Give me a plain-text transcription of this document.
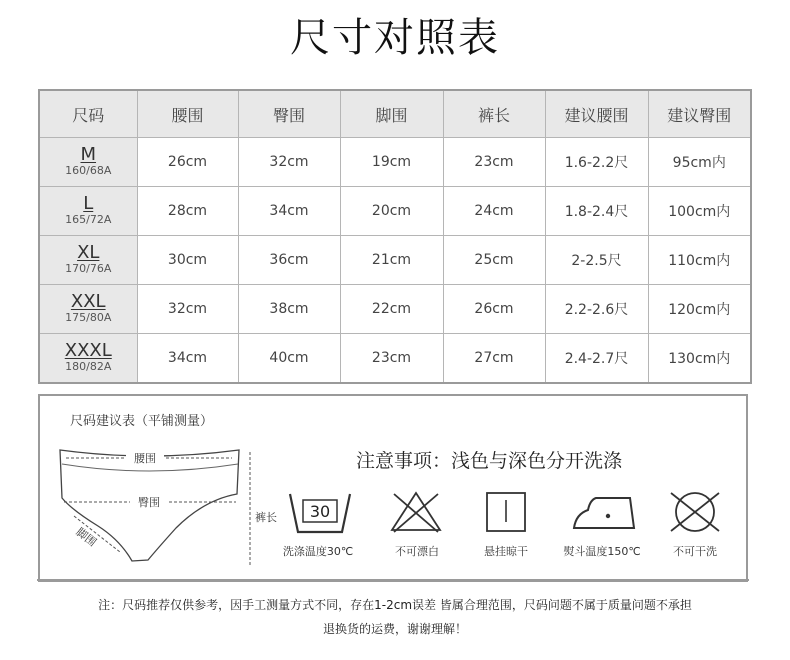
尺寸对照表
尺码	腰围	臀围	脚围	裤长	建议腰围	建议臀围

M
160/68A	26cm	32cm	19cm	23cm	1.6-2.2尺	95cm内

L
165/72A	28cm	34cm	20cm	24cm	1.8-2.4尺	100cm内

XL
170/76A	30cm	36cm	21cm	25cm	2-2.5尺	110cm内

XXL
175/80A	32cm	38cm	22cm	26cm	2.2-2.6尺	120cm内

XXXL
180/82A	34cm	40cm	23cm	27cm	2.4-2.7尺	130cm内
尺码建议表（平铺测量）
腰围
臀围
裤长
脚围
注意事项：浅色与深色分开洗涤
30
洗涤温度30℃	不可漂白	悬挂晾干	熨斗温度150℃	不可干洗
注：尺码推荐仅供参考，因手工测量方式不同，存在1-2cm误差 皆属合理范围，尺码问题不属于质量问题不承担
退换货的运费，谢谢理解！
